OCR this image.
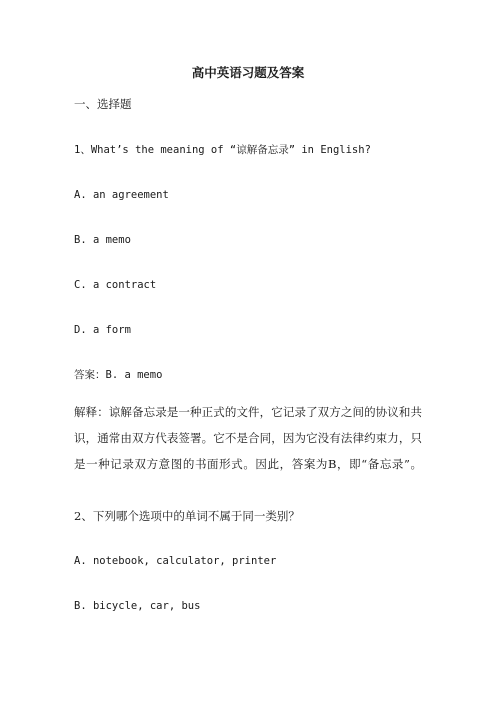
高中英语习题及答案
一、选择题
1、What’s the meaning of “谅解备忘录” in English?
A. an agreement
B. a memo
C. a contract
D. a form
答案：B. a memo
解释：谅解备忘录是一种正式的文件，它记录了双方之间的协议和共
识，通常由双方代表签署。它不是合同，因为它没有法律约束力，只
是一种记录双方意图的书面形式。因此，答案为B，即“备忘录”。
2、下列哪个选项中的单词不属于同一类别？
A. notebook, calculator, printer
B. bicycle, car, bus
